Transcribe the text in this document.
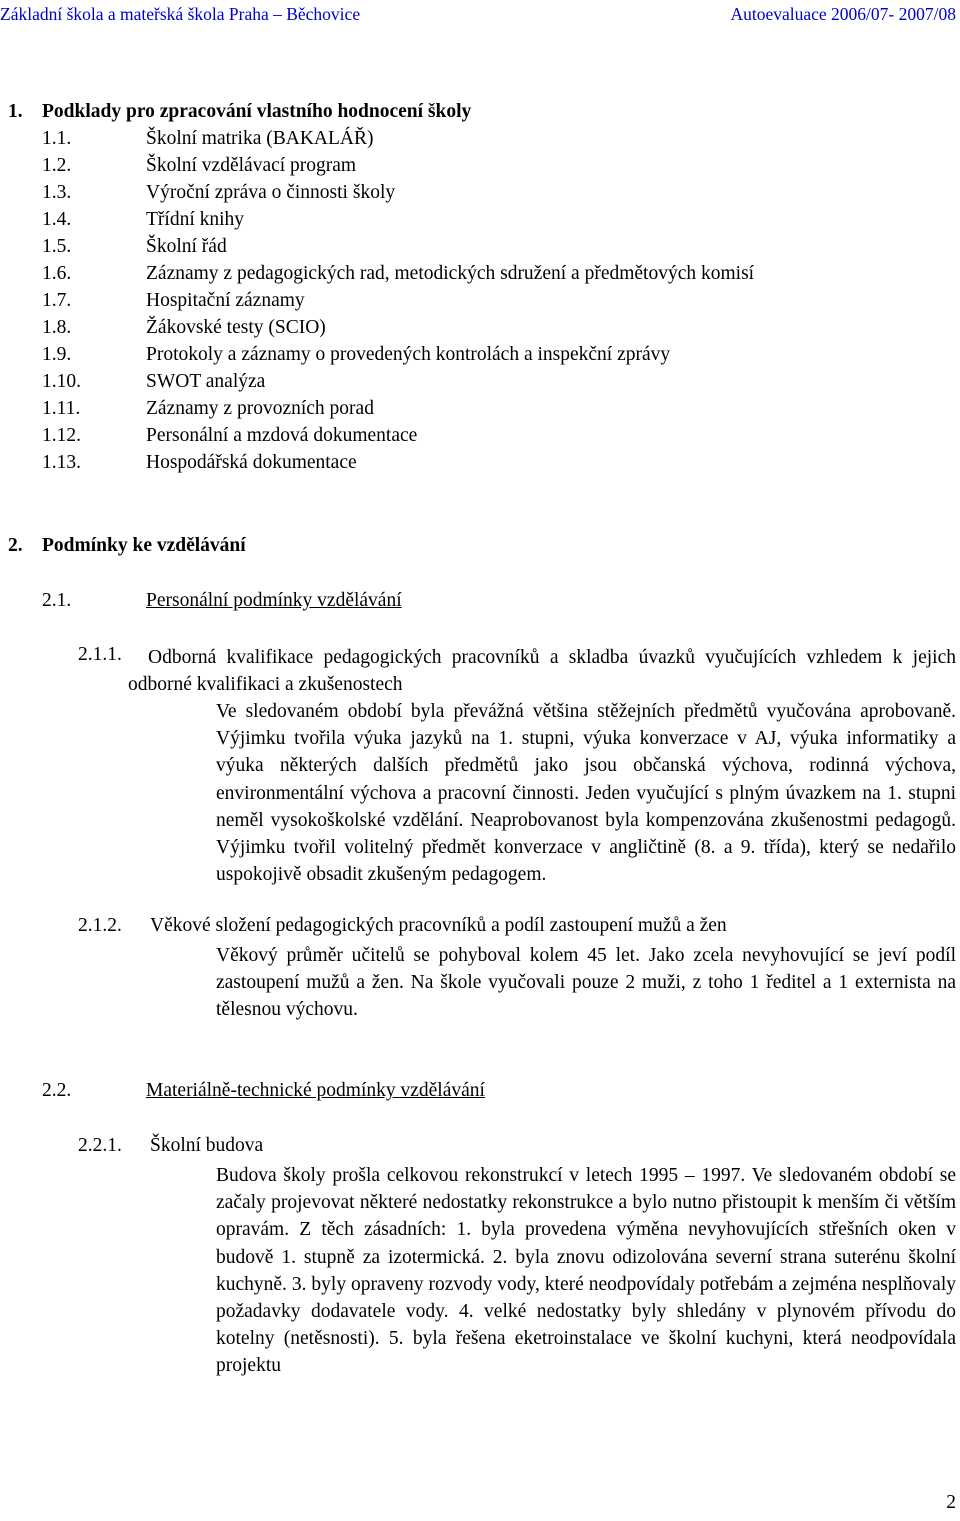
Základní škola a mateřská škola Praha – Běchovice	Autoevaluace 2006/07- 2007/08
1. Podklady pro zpracování vlastního hodnocení školy
1.1.	Školní matrika (BAKALÁŘ)
1.2.	Školní vzdělávací program
1.3.	Výroční zpráva o činnosti školy
1.4.	Třídní knihy
1.5.	Školní řád
1.6.	Záznamy z pedagogických rad, metodických sdružení a předmětových komisí
1.7.	Hospitační záznamy
1.8.	Žákovské testy (SCIO)
1.9.	Protokoly a záznamy o provedených kontrolách a inspekční zprávy
1.10.	SWOT analýza
1.11.	Záznamy z provozních porad
1.12.	Personální a mzdová dokumentace
1.13.	Hospodářská dokumentace
2. Podmínky ke vzdělávání
2.1.	Personální podmínky vzdělávání
2.1.1.	Odborná kvalifikace pedagogických pracovníků a skladba úvazků vyučujících vzhledem k jejich odborné kvalifikaci a zkušenostech
Ve sledovaném období byla převážná většina stěžejních předmětů vyučována aprobovaně. Výjimku tvořila výuka jazyků na 1. stupni, výuka konverzace v AJ, výuka informatiky a výuka některých dalších předmětů jako jsou občanská výchova, rodinná výchova, environmentální výchova a pracovní činnosti. Jeden vyučující s plným úvazkem na 1. stupni neměl vysokoškolské vzdělání. Neaprobovanost byla kompenzována zkušenostmi pedagogů. Výjimku tvořil volitelný předmět konverzace v angličtině (8. a 9. třída), který se nedařilo uspokojivě obsadit zkušeným pedagogem.
2.1.2. Věkové složení pedagogických pracovníků a podíl zastoupení mužů a žen
Věkový průměr učitelů se pohyboval kolem 45 let. Jako zcela nevyhovující se jeví podíl zastoupení mužů a žen. Na škole vyučovali pouze 2 muži, z toho 1 ředitel a 1 externista na tělesnou výchovu.
2.2.	Materiálně-technické podmínky vzdělávání
2.2.1. Školní budova
Budova školy prošla celkovou rekonstrukcí v letech 1995 – 1997. Ve sledovaném období se začaly projevovat některé nedostatky rekonstrukce a bylo nutno přistoupit k menším či větším opravám. Z těch zásadních: 1. byla provedena výměna nevyhovujících střešních oken v budově 1. stupně za izotermická. 2. byla znovu odizolována severní strana suterénu školní kuchyně. 3. byly opraveny rozvody vody, které neodpovídaly potřebám a zejména nesplňovaly požadavky dodavatele vody. 4. velké nedostatky byly shledány v plynovém přívodu do kotelny (netěsnosti). 5. byla řešena eketroinstalace ve školní kuchyni, která neodpovídala projektu
2
